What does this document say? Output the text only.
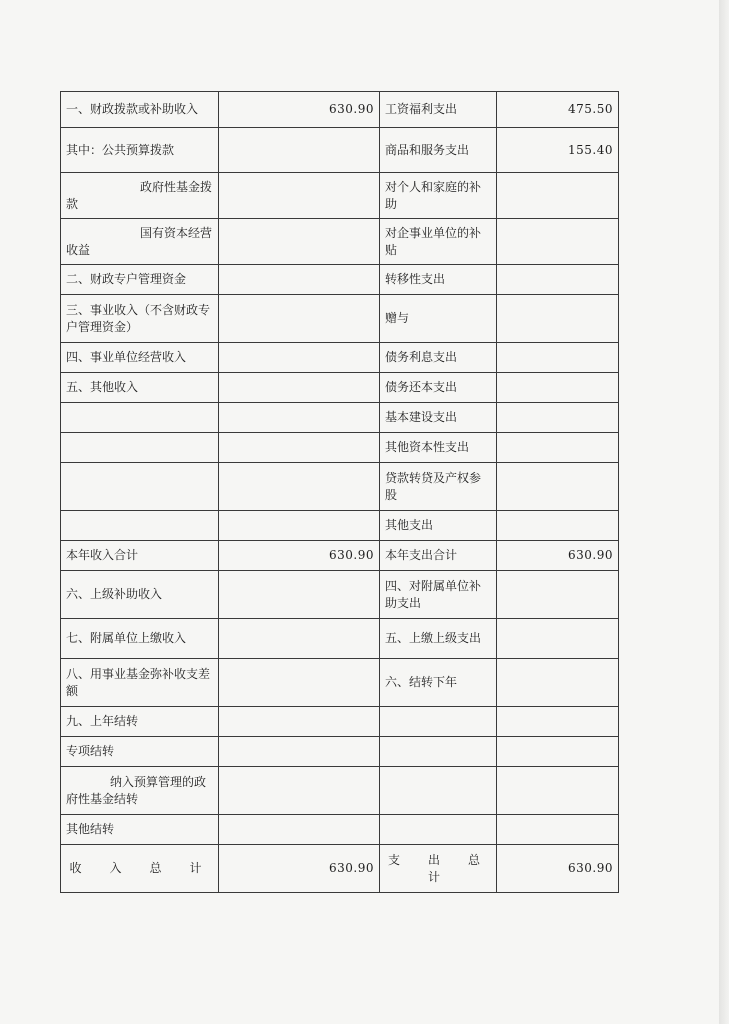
一、财政拨款或补助收入	630.90	工资福利支出	475.50
其中：公共预算拨款		商品和服务支出	155.40
政府性基金拨款		对个人和家庭的补助	
国有资本经营收益		对企事业单位的补贴	
二、财政专户管理资金		转移性支出	
三、事业收入（不含财政专户管理资金）		赠与	
四、事业单位经营收入		债务利息支出	
五、其他收入		债务还本支出	
		基本建设支出	
		其他资本性支出	
		贷款转贷及产权参股	
		其他支出	
本年收入合计	630.90	本年支出合计	630.90
六、上级补助收入		四、对附属单位补助支出	
七、附属单位上缴收入		五、上缴上级支出	
八、用事业基金弥补收支差额		六、结转下年	
九、上年结转			
专项结转			
纳入预算管理的政府性基金结转			
其他结转			
收　入　总　计	630.90	支　出　总　计	630.90
